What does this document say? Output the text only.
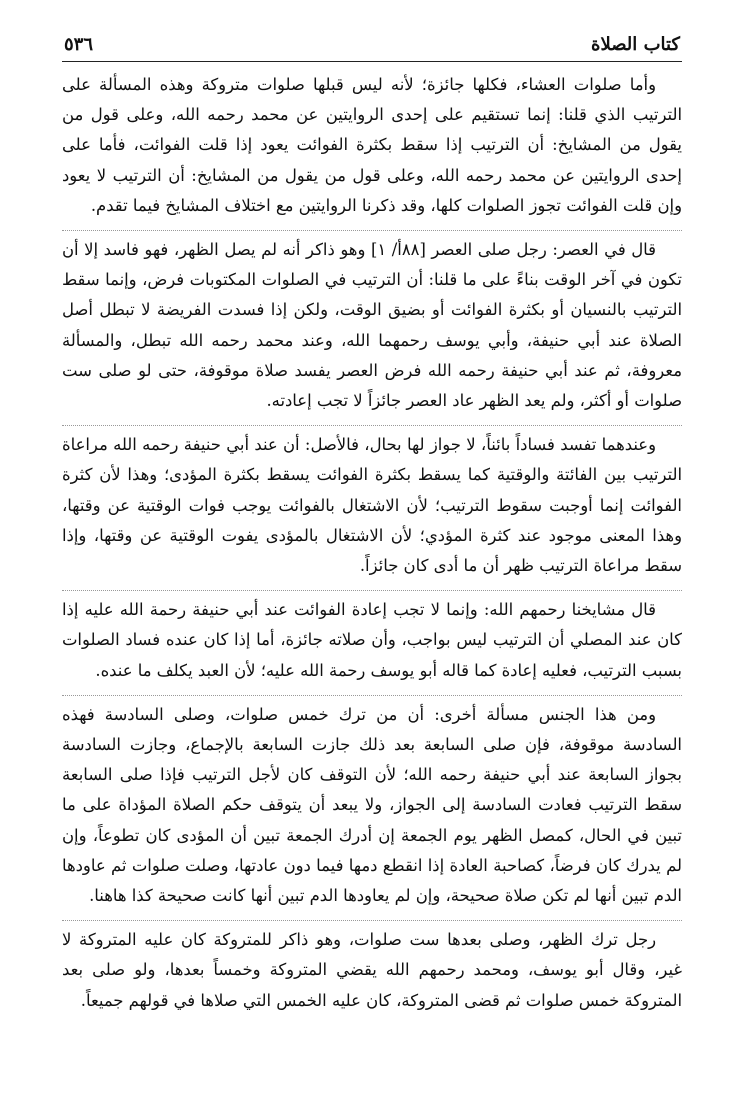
كتاب الصلاة
٥٣٦

وأما صلوات العشاء، فكلها جائزة؛ لأنه ليس قبلها صلوات متروكة وهذه المسألة على الترتيب الذي قلنا: إنما تستقيم على إحدى الروايتين عن محمد رحمه الله، وعلى قول من يقول من المشايخ: أن الترتيب إذا سقط بكثرة الفوائت يعود إذا قلت الفوائت، فأما على إحدى الروايتين عن محمد رحمه الله، وعلى قول من يقول من المشايخ: أن الترتيب لا يعود وإن قلت الفوائت تجوز الصلوات كلها، وقد ذكرنا الروايتين مع اختلاف المشايخ فيما تقدم.

قال في العصر: رجل صلى العصر [٨٨أ/ ١] وهو ذاكر أنه لم يصل الظهر، فهو فاسد إلا أن تكون في آخر الوقت بناءً على ما قلنا: أن الترتيب في الصلوات المكتوبات فرض، وإنما سقط الترتيب بالنسيان أو بكثرة الفوائت أو بضيق الوقت، ولكن إذا فسدت الفريضة لا تبطل أصل الصلاة عند أبي حنيفة، وأبي يوسف رحمهما الله، وعند محمد رحمه الله تبطل، والمسألة معروفة، ثم عند أبي حنيفة رحمه الله فرض العصر يفسد صلاة موقوفة، حتى لو صلى ست صلوات أو أكثر، ولم يعد الظهر عاد العصر جائزاً لا تجب إعادته.

وعندهما تفسد فساداً بائناً، لا جواز لها بحال، فالأصل: أن عند أبي حنيفة رحمه الله مراعاة الترتيب بين الفائتة والوقتية كما يسقط بكثرة الفوائت يسقط بكثرة المؤدى؛ وهذا لأن كثرة الفوائت إنما أوجبت سقوط الترتيب؛ لأن الاشتغال بالفوائت يوجب فوات الوقتية عن وقتها، وهذا المعنى موجود عند كثرة المؤدي؛ لأن الاشتغال بالمؤدى يفوت الوقتية عن وقتها، وإذا سقط مراعاة الترتيب ظهر أن ما أدى كان جائزاً.

قال مشايخنا رحمهم الله: وإنما لا تجب إعادة الفوائت عند أبي حنيفة رحمة الله عليه إذا كان عند المصلي أن الترتيب ليس بواجب، وأن صلاته جائزة، أما إذا كان عنده فساد الصلوات بسبب الترتيب، فعليه إعادة كما قاله أبو يوسف رحمة الله عليه؛ لأن العبد يكلف ما عنده.

ومن هذا الجنس مسألة أخرى: أن من ترك خمس صلوات، وصلى السادسة فهذه السادسة موقوفة، فإن صلى السابعة بعد ذلك جازت السابعة بالإجماع، وجازت السادسة بجواز السابعة عند أبي حنيفة رحمه الله؛ لأن التوقف كان لأجل الترتيب فإذا صلى السابعة سقط الترتيب فعادت السادسة إلى الجواز، ولا يبعد أن يتوقف حكم الصلاة المؤداة على ما تبين في الحال، كمصل الظهر يوم الجمعة إن أدرك الجمعة تبين أن المؤدى كان تطوعاً، وإن لم يدرك كان فرضاً، كصاحبة العادة إذا انقطع دمها فيما دون عادتها، وصلت صلوات ثم عاودها الدم تبين أنها لم تكن صلاة صحيحة، وإن لم يعاودها الدم تبين أنها كانت صحيحة كذا هاهنا.

رجل ترك الظهر، وصلى بعدها ست صلوات، وهو ذاكر للمتروكة كان عليه المتروكة لا غير، وقال أبو يوسف، ومحمد رحمهم الله يقضي المتروكة وخمساً بعدها، ولو صلى بعد المتروكة خمس صلوات ثم قضى المتروكة، كان عليه الخمس التي صلاها في قولهم جميعاً.
